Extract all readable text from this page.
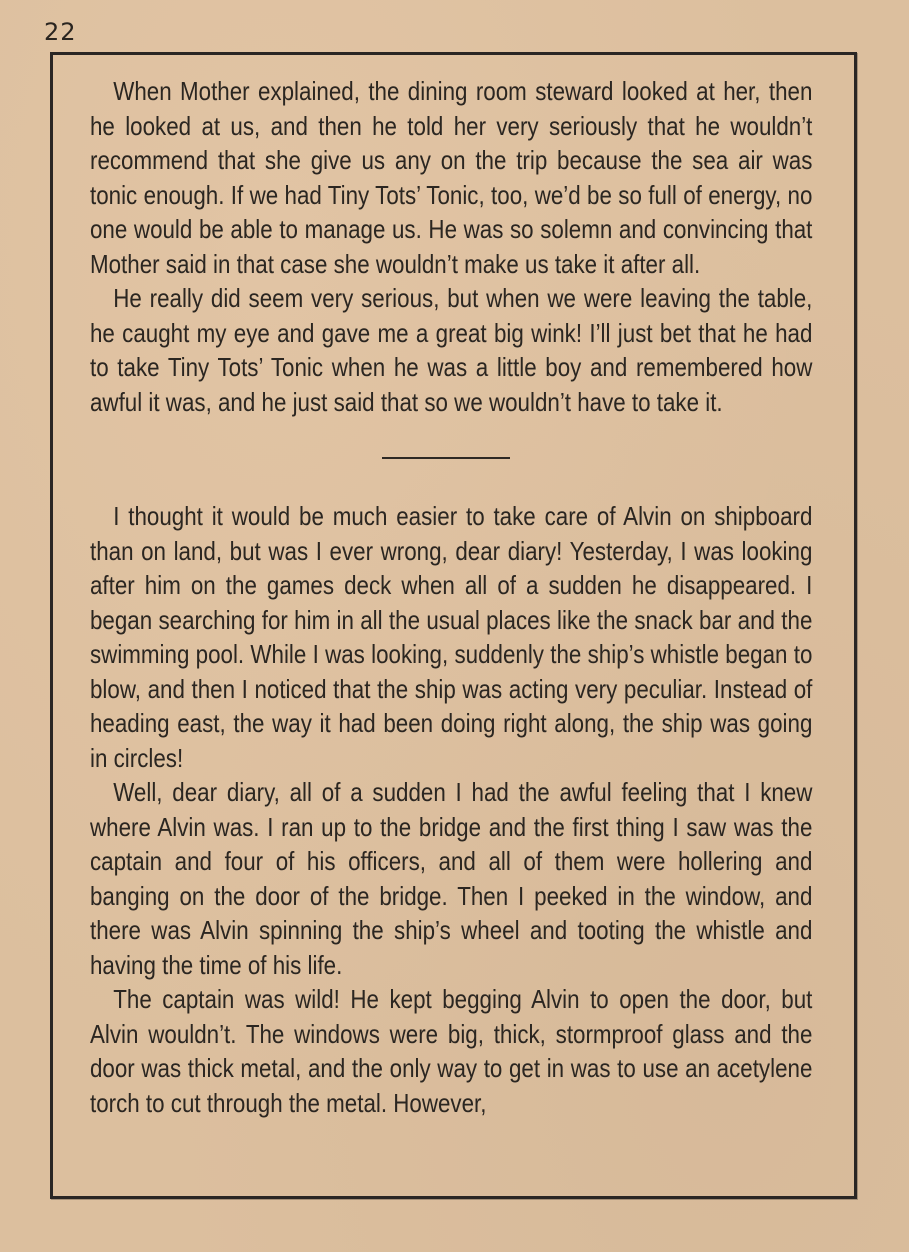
22

When Mother explained, the dining room steward looked at her, then he looked at us, and then he told her very seriously that he wouldn’t recommend that she give us any on the trip because the sea air was tonic enough. If we had Tiny Tots’ Tonic, too, we’d be so full of energy, no one would be able to manage us. He was so solemn and convincing that Mother said in that case she wouldn’t make us take it after all.

He really did seem very serious, but when we were leaving the table, he caught my eye and gave me a great big wink! I’ll just bet that he had to take Tiny Tots’ Tonic when he was a little boy and remembered how awful it was, and he just said that so we wouldn’t have to take it.

I thought it would be much easier to take care of Alvin on shipboard than on land, but was I ever wrong, dear diary! Yesterday, I was looking after him on the games deck when all of a sudden he disappeared. I began searching for him in all the usual places like the snack bar and the swimming pool. While I was looking, suddenly the ship’s whistle began to blow, and then I noticed that the ship was acting very peculiar. Instead of heading east, the way it had been doing right along, the ship was going in circles!

Well, dear diary, all of a sudden I had the awful feeling that I knew where Alvin was. I ran up to the bridge and the first thing I saw was the captain and four of his officers, and all of them were hollering and banging on the door of the bridge. Then I peeked in the window, and there was Alvin spinning the ship’s wheel and tooting the whistle and having the time of his life.

The captain was wild! He kept begging Alvin to open the door, but Alvin wouldn’t. The windows were big, thick, stormproof glass and the door was thick metal, and the only way to get in was to use an acetylene torch to cut through the metal. However,
